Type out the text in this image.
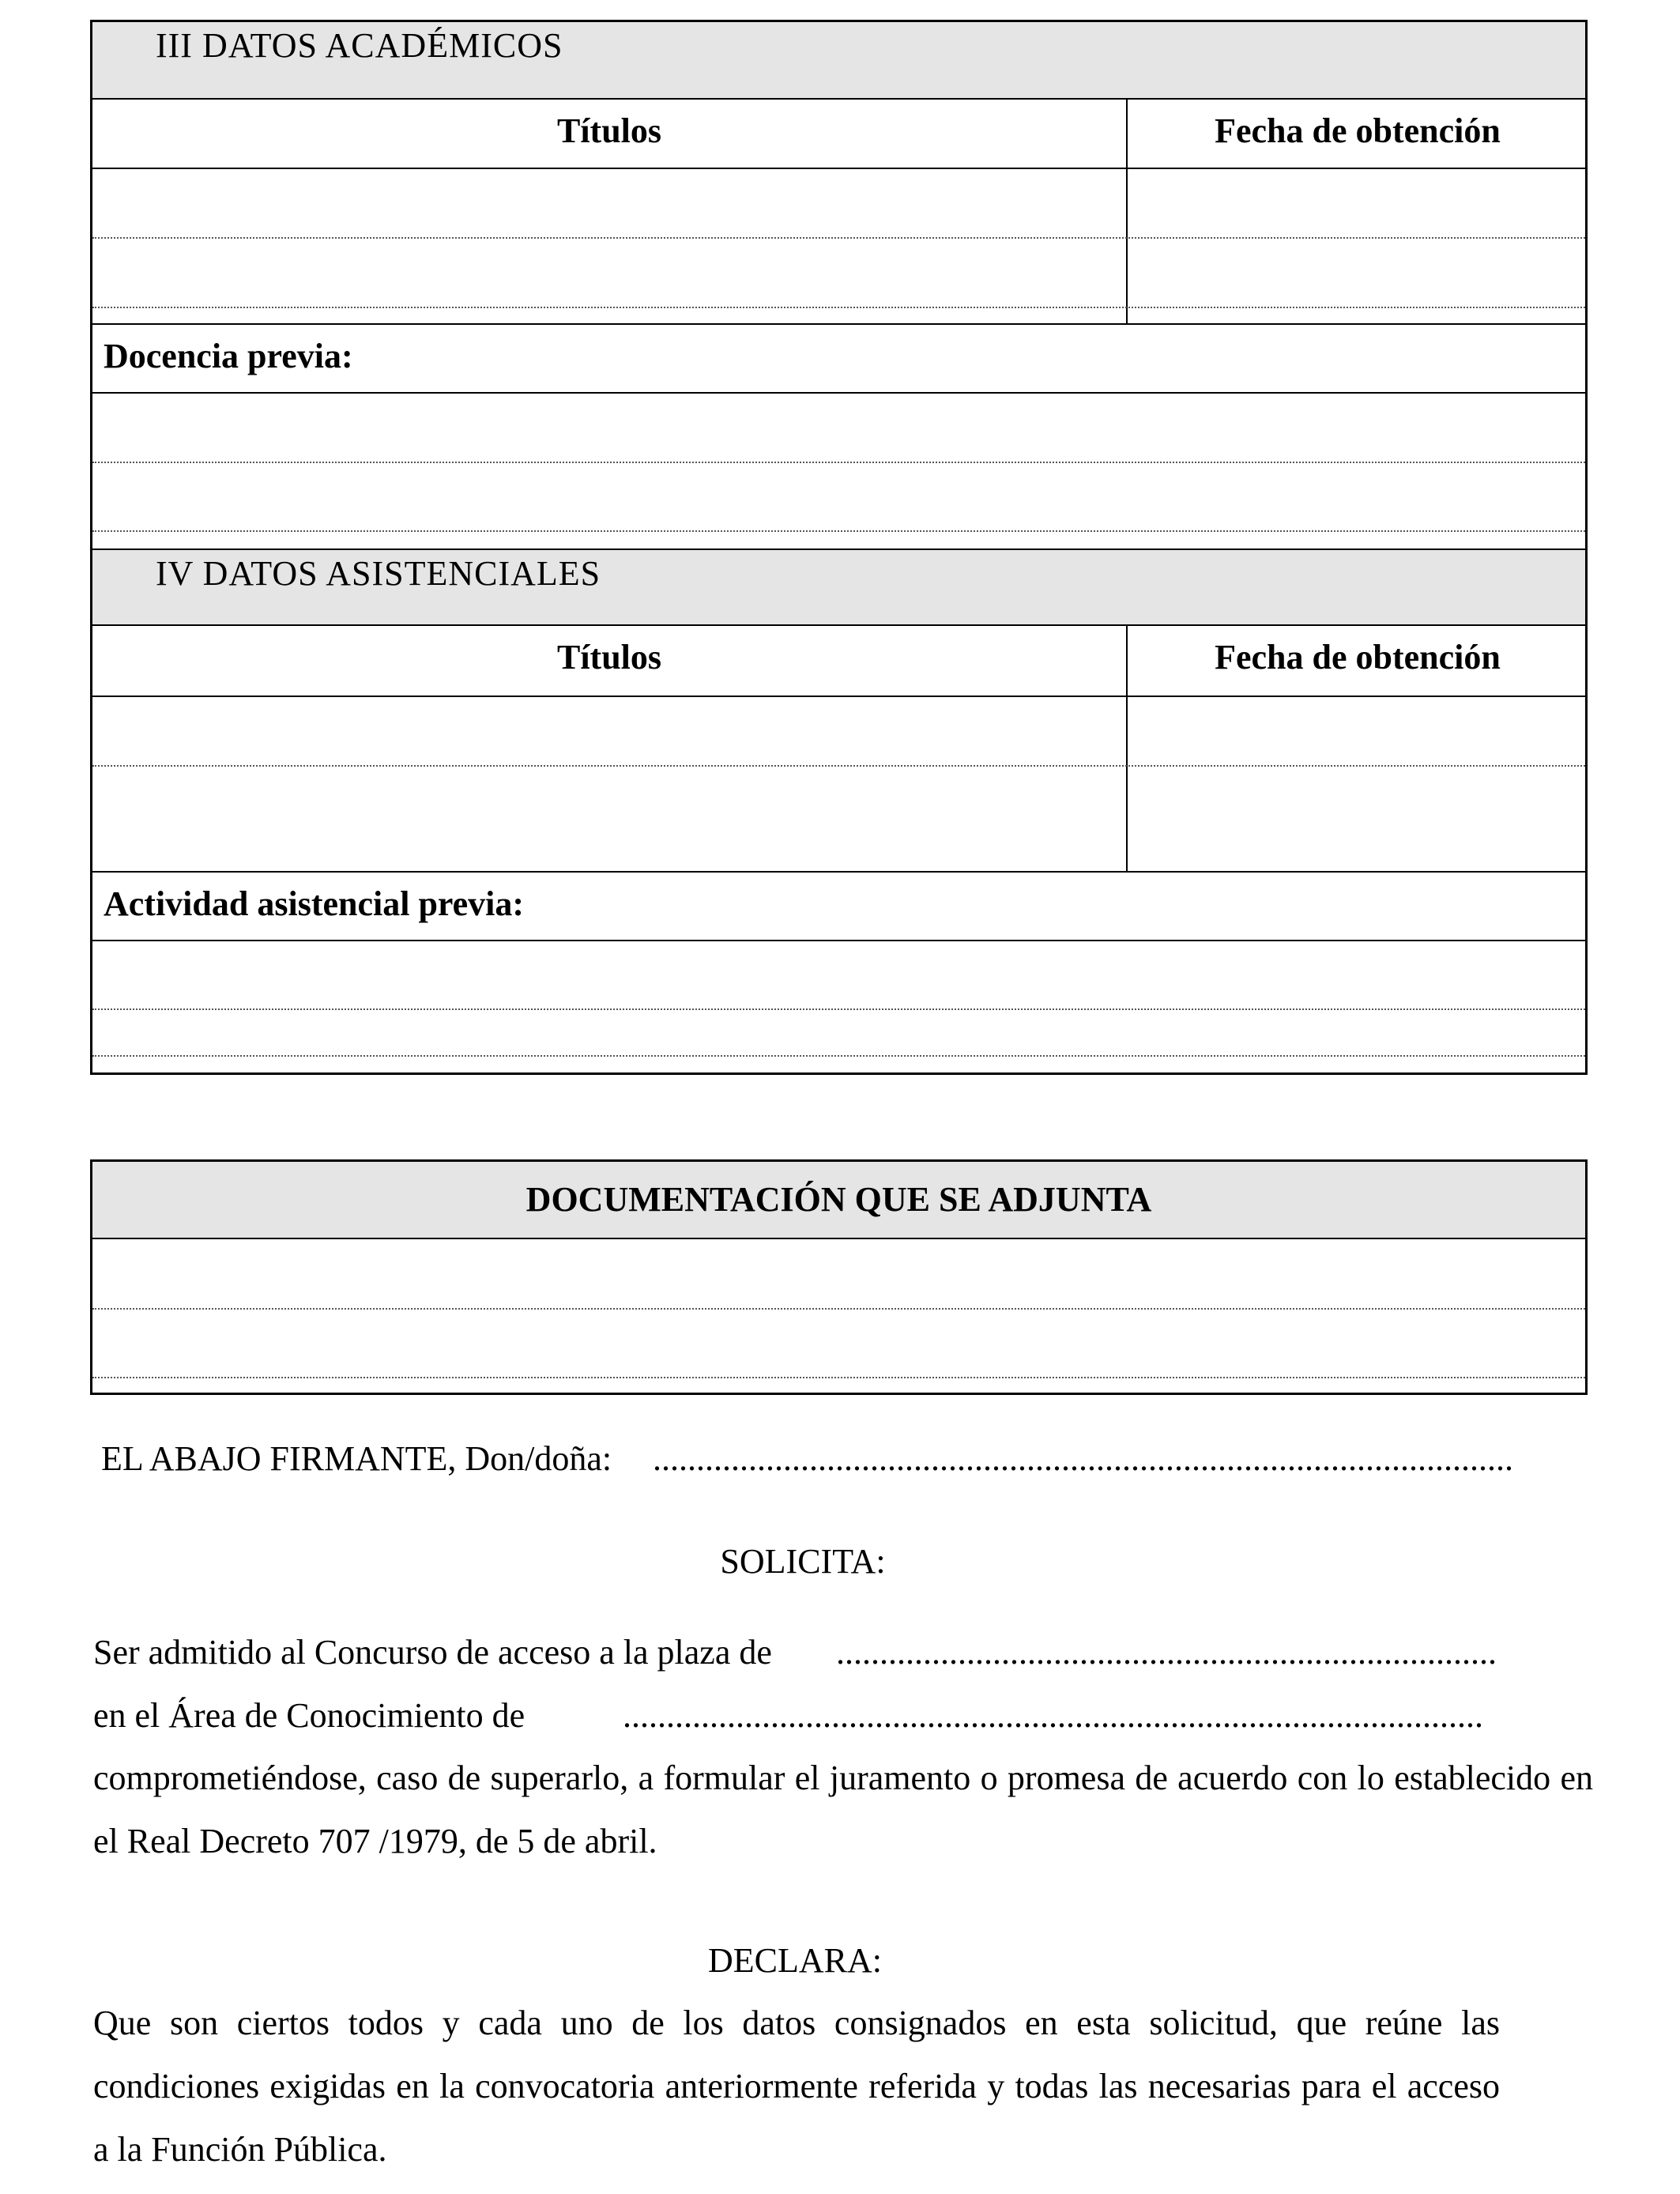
III DATOS ACADÉMICOS
Títulos	Fecha de obtención
Docencia previa:
IV DATOS ASISTENCIALES
Títulos	Fecha de obtención
Actividad asistencial previa:
DOCUMENTACIÓN QUE SE ADJUNTA
EL ABAJO FIRMANTE, Don/doña: ...................................................................................................
SOLICITA:
Ser admitido al Concurso de acceso a la plaza de ............................................................................
en el Área de Conocimiento de	...................................................................................................
comprometiéndose, caso de superarlo, a formular el juramento o promesa de acuerdo con lo establecido en el Real Decreto 707 /1979, de 5 de abril.
DECLARA:
Que son ciertos todos y cada uno de los datos consignados en esta solicitud, que reúne las condiciones exigidas en la convocatoria anteriormente referida y todas las necesarias para el acceso a la Función Pública.
